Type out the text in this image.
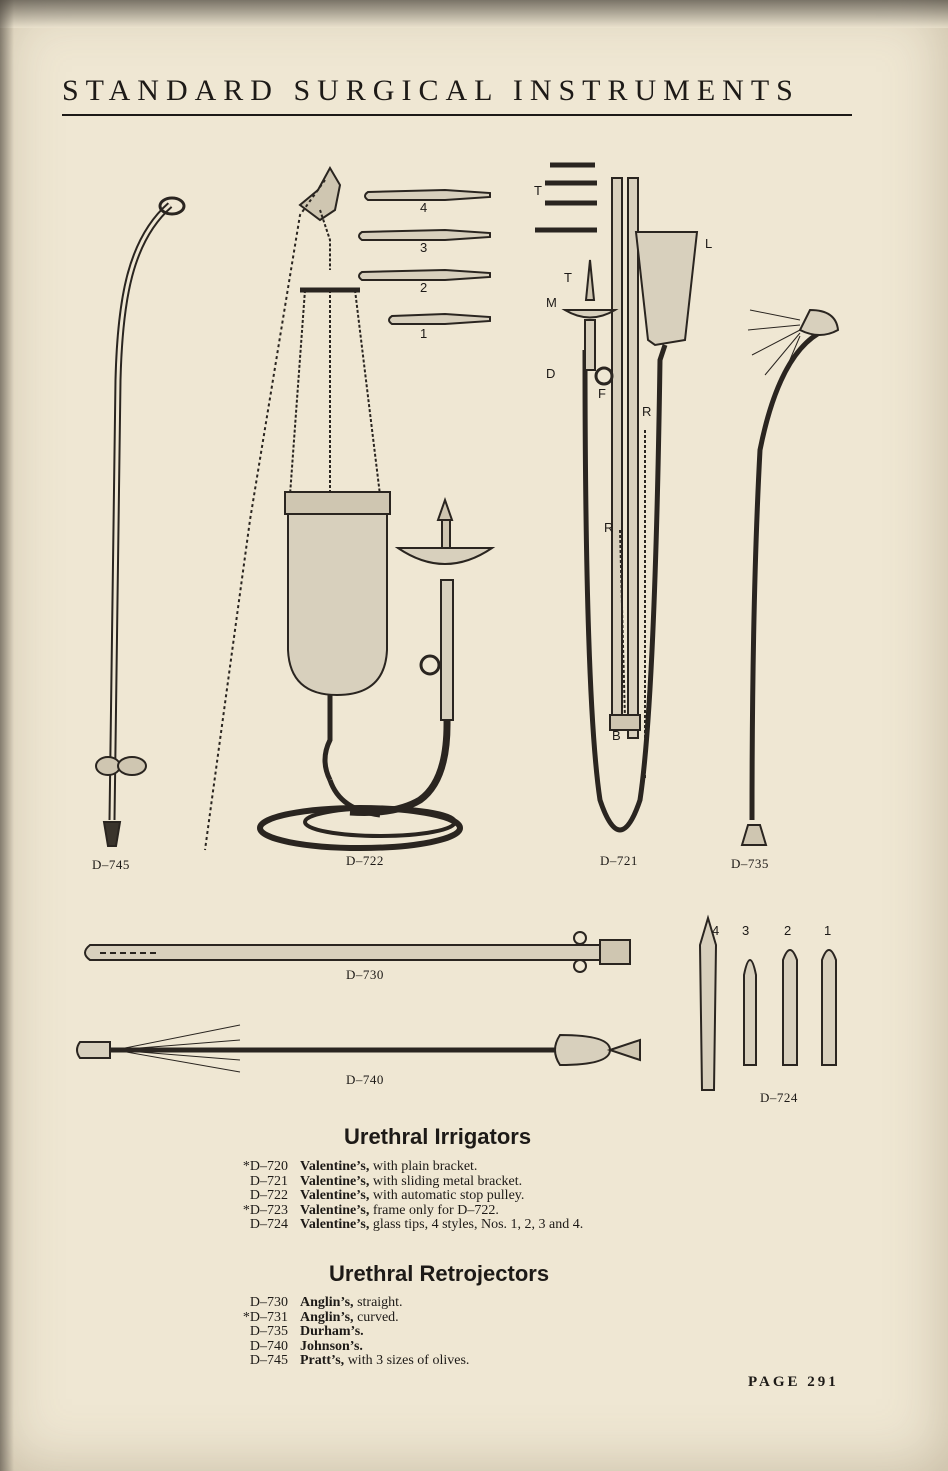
STANDARD SURGICAL INSTRUMENTS
4
3
2
1
T
T
M
D
F
R
R
B
L
4 3	2	1
D–745	D–722	D–721	D–735
D–730
D–740
D–724
Urethral Irrigators
*D–720 Valentine’s, with plain bracket.
D–721 Valentine’s, with sliding metal bracket.
D–722 Valentine’s, with automatic stop pulley.
*D–723 Valentine’s, frame only for D–722.
D–724 Valentine’s, glass tips, 4 styles, Nos. 1, 2, 3 and 4.
Urethral Retrojectors
D–730 Anglin’s, straight.
*D–731 Anglin’s, curved.
D–735 Durham’s.
D–740 Johnson’s.
D–745 Pratt’s, with 3 sizes of olives.
PAGE 291
